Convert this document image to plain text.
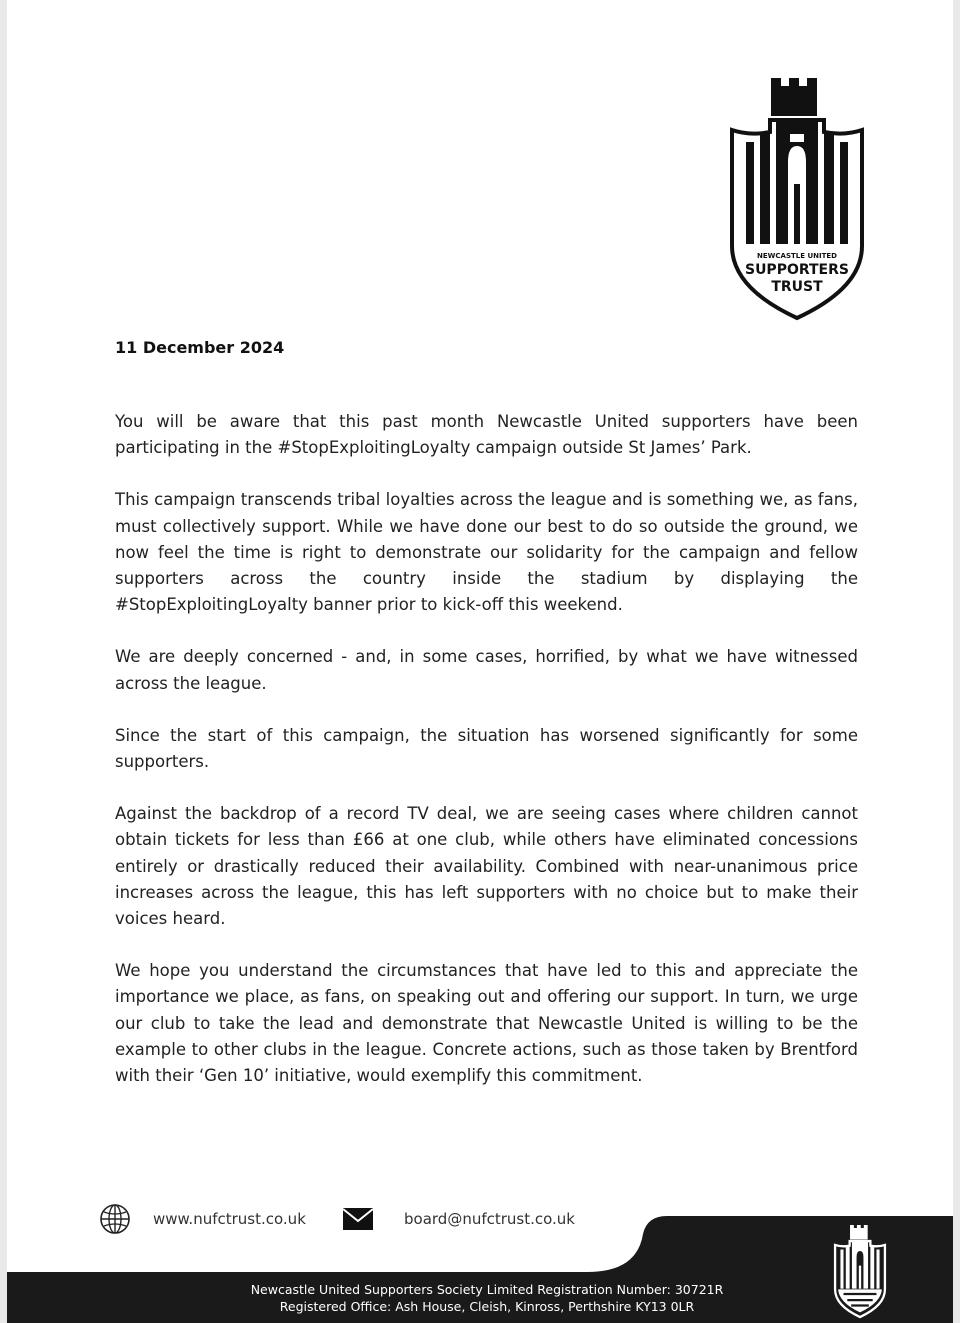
NEWCASTLE UNITED
SUPPORTERS
TRUST
11 December 2024

You will be aware that this past month Newcastle United supporters have been participating in the #StopExploitingLoyalty campaign outside St James’ Park.

This campaign transcends tribal loyalties across the league and is something we, as fans, must collectively support. While we have done our best to do so outside the ground, we now feel the time is right to demonstrate our solidarity for the campaign and fellow supporters across the country inside the stadium by displaying the #StopExploitingLoyalty banner prior to kick-off this weekend.

We are deeply concerned - and, in some cases, horrified, by what we have witnessed across the league.

Since the start of this campaign, the situation has worsened significantly for some supporters.

Against the backdrop of a record TV deal, we are seeing cases where children cannot obtain tickets for less than £66 at one club, while others have eliminated concessions entirely or drastically reduced their availability. Combined with near-unanimous price increases across the league, this has left supporters with no choice but to make their voices heard.

We hope you understand the circumstances that have led to this and appreciate the importance we place, as fans, on speaking out and offering our support. In turn, we urge our club to take the lead and demonstrate that Newcastle United is willing to be the example to other clubs in the league. Concrete actions, such as those taken by Brentford with their ‘Gen 10’ initiative, would exemplify this commitment.

www.nufctrust.co.uk	board@nufctrust.co.uk
Newcastle United Supporters Society Limited Registration Number: 30721R
Registered Office: Ash House, Cleish, Kinross, Perthshire KY13 0LR
